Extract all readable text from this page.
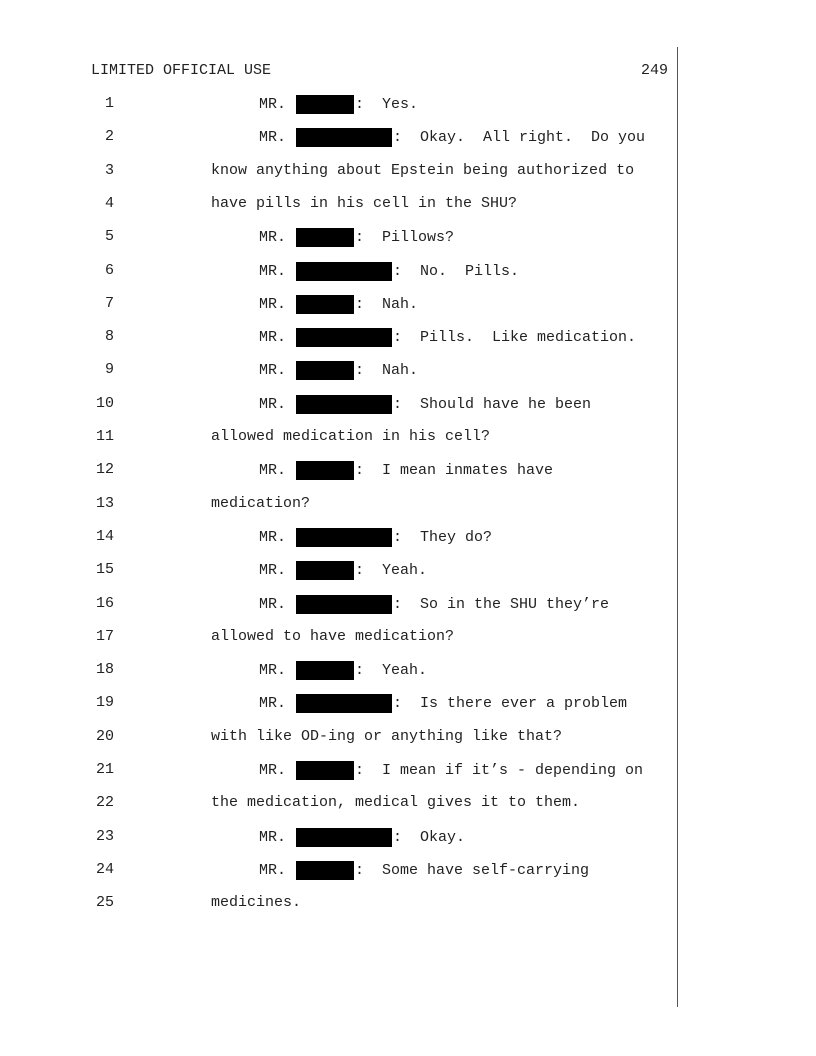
LIMITED OFFICIAL USE	249
1	MR.	:  Yes.
2	MR.	:  Okay.  All right.  Do you
3	know anything about Epstein being authorized to
4	have pills in his cell in the SHU?
5	MR.	:  Pillows?
6	MR.	:  No.  Pills.
7	MR.	:  Nah.
8	MR.	:  Pills.  Like medication.
9	MR.	:  Nah.
10	MR.	:  Should have he been
11	allowed medication in his cell?
12	MR.	:  I mean inmates have
13	medication?
14	MR.	:  They do?
15	MR.	:  Yeah.
16	MR.	:  So in the SHU they’re
17	allowed to have medication?
18	MR.	:  Yeah.
19	MR.	:  Is there ever a problem
20	with like OD-ing or anything like that?
21	MR.	:  I mean if it’s - depending on
22	the medication, medical gives it to them.
23	MR.	:  Okay.
24	MR.	:  Some have self-carrying
25	medicines.
